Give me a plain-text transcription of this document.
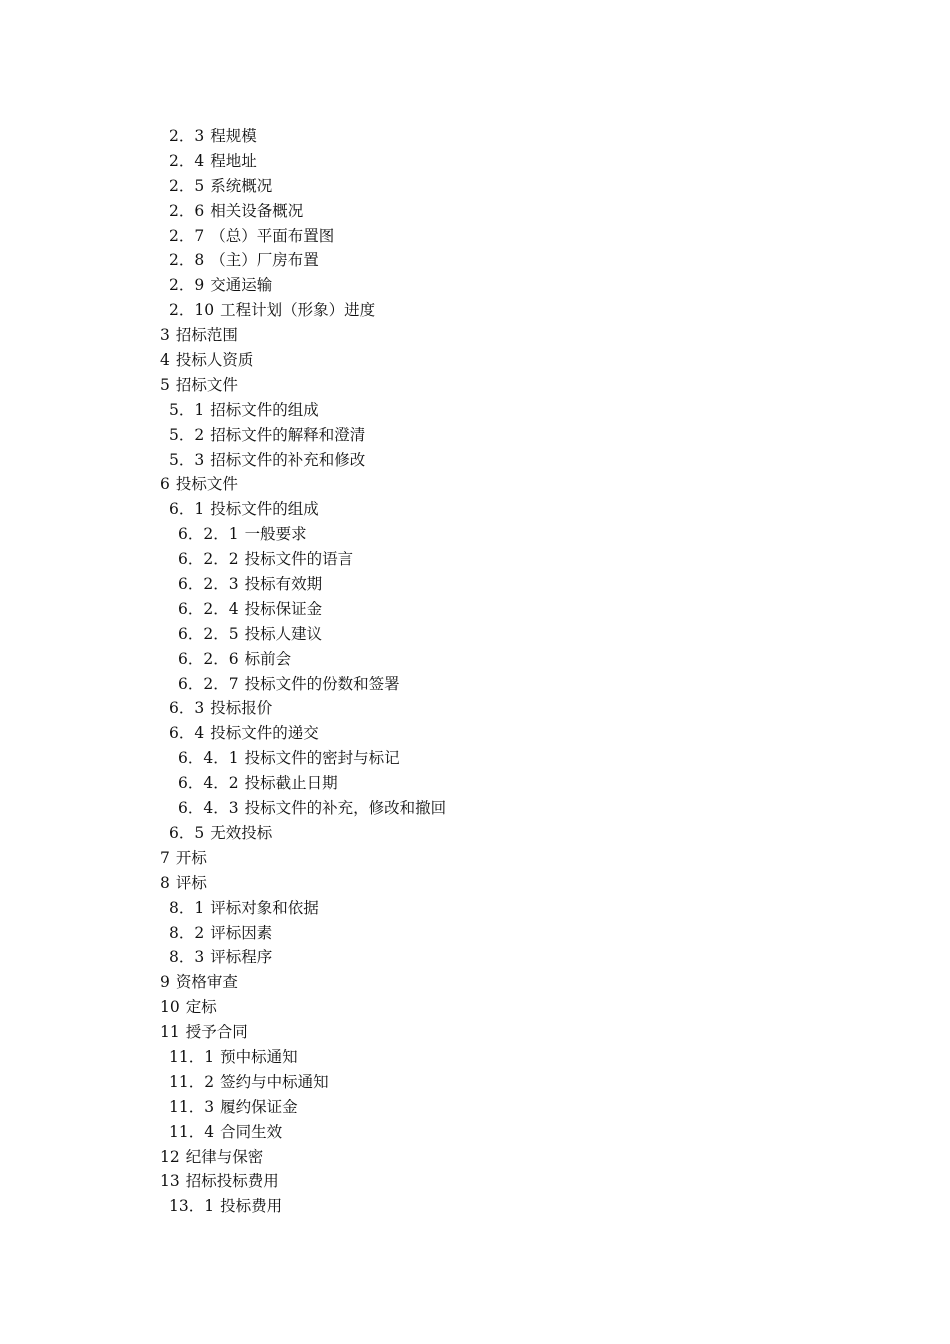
2．3 程规模
2．4 程地址
2．5 系统概况
2．6 相关设备概况
2．7 （总）平面布置图
2．8 （主）厂房布置
2．9 交通运输
2．10 工程计划（形象）进度
3 招标范围
4 投标人资质
5 招标文件
5．1 招标文件的组成
5．2 招标文件的解释和澄清
5．3 招标文件的补充和修改
6 投标文件
6．1 投标文件的组成
6．2．1 一般要求
6．2．2 投标文件的语言
6．2．3 投标有效期
6．2．4 投标保证金
6．2．5 投标人建议
6．2．6 标前会
6．2．7 投标文件的份数和签署
6．3 投标报价
6．4 投标文件的递交
6．4．1 投标文件的密封与标记
6．4．2 投标截止日期
6．4．3 投标文件的补充，修改和撤回
6．5 无效投标
7 开标
8 评标
8．1 评标对象和依据
8．2 评标因素
8．3 评标程序
9 资格审查
10 定标
11 授予合同
11．1 预中标通知
11．2 签约与中标通知
11．3 履约保证金
11．4 合同生效
12 纪律与保密
13 招标投标费用
13．1 投标费用
